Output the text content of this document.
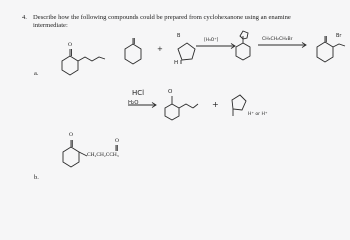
4. Describe how the following compounds could be prepared from cyclohexanone using an enamine intermediate:
a.
b.
O	+
H
B
[H₃O⁺]	CH₃CH₂CH₂Br
Br
HCl
H₂O
O
+
H⁺ or H⁺
O
O
CH₂CH₂CCH₃
